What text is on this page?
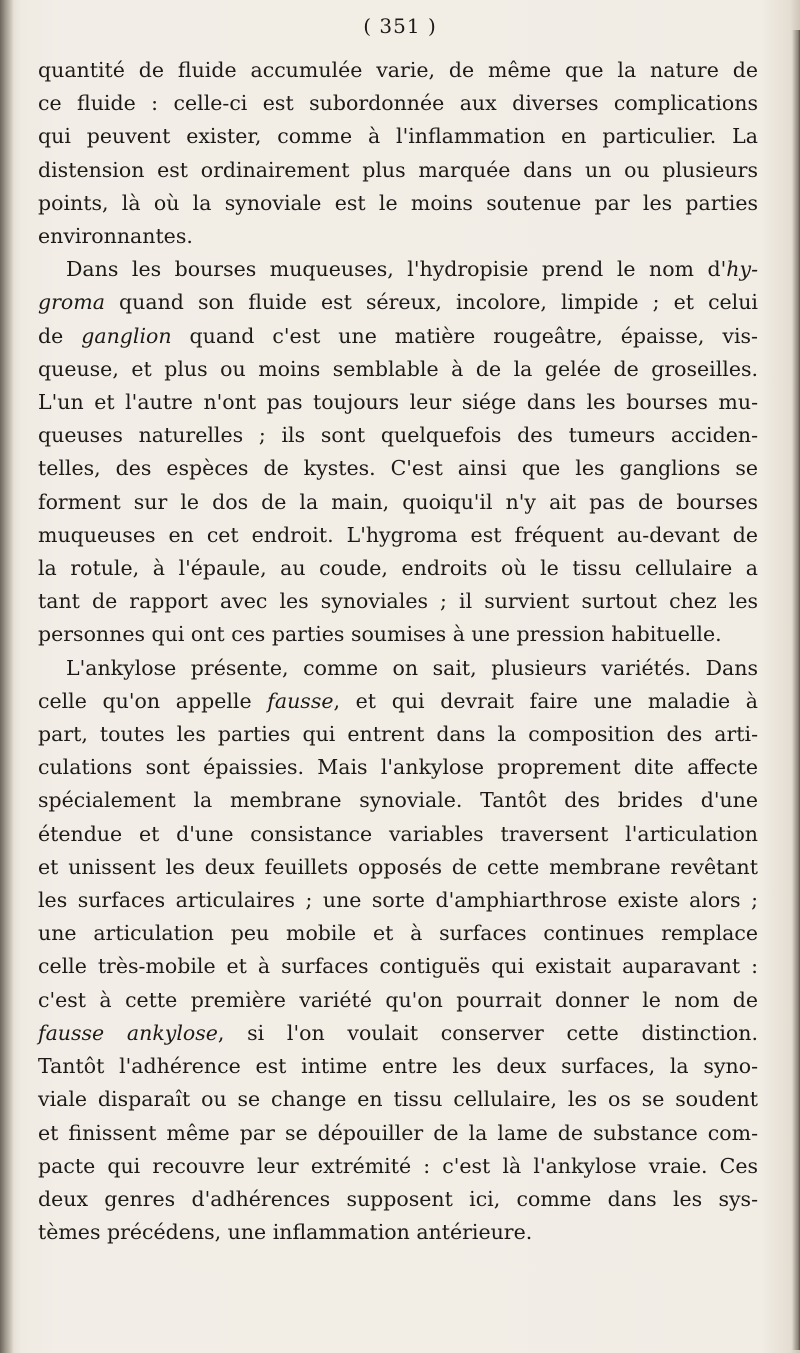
( 351 )

quantité de fluide accumulée varie, de même que la nature de
ce fluide : celle-ci est subordonnée aux diverses complications
qui peuvent exister, comme à l'inflammation en particulier. La
distension est ordinairement plus marquée dans un ou plusieurs
points, là où la synoviale est le moins soutenue par les parties
environnantes.

Dans les bourses muqueuses, l'hydropisie prend le nom d'hy-
groma quand son fluide est séreux, incolore, limpide ; et celui
de ganglion quand c'est une matière rougeâtre, épaisse, vis-
queuse, et plus ou moins semblable à de la gelée de groseilles.
L'un et l'autre n'ont pas toujours leur siége dans les bourses mu-
queuses naturelles ; ils sont quelquefois des tumeurs acciden-
telles, des espèces de kystes. C'est ainsi que les ganglions se
forment sur le dos de la main, quoiqu'il n'y ait pas de bourses
muqueuses en cet endroit. L'hygroma est fréquent au-devant de
la rotule, à l'épaule, au coude, endroits où le tissu cellulaire a
tant de rapport avec les synoviales ; il survient surtout chez les
personnes qui ont ces parties soumises à une pression habituelle.

L'ankylose présente, comme on sait, plusieurs variétés. Dans
celle qu'on appelle fausse, et qui devrait faire une maladie à
part, toutes les parties qui entrent dans la composition des arti-
culations sont épaissies. Mais l'ankylose proprement dite affecte
spécialement la membrane synoviale. Tantôt des brides d'une
étendue et d'une consistance variables traversent l'articulation
et unissent les deux feuillets opposés de cette membrane revêtant
les surfaces articulaires ; une sorte d'amphiarthrose existe alors ;
une articulation peu mobile et à surfaces continues remplace
celle très-mobile et à surfaces contiguës qui existait auparavant :
c'est à cette première variété qu'on pourrait donner le nom de
fausse ankylose, si l'on voulait conserver cette distinction.
Tantôt l'adhérence est intime entre les deux surfaces, la syno-
viale disparaît ou se change en tissu cellulaire, les os se soudent
et finissent même par se dépouiller de la lame de substance com-
pacte qui recouvre leur extrémité : c'est là l'ankylose vraie. Ces
deux genres d'adhérences supposent ici, comme dans les sys-
tèmes précédens, une inflammation antérieure.
